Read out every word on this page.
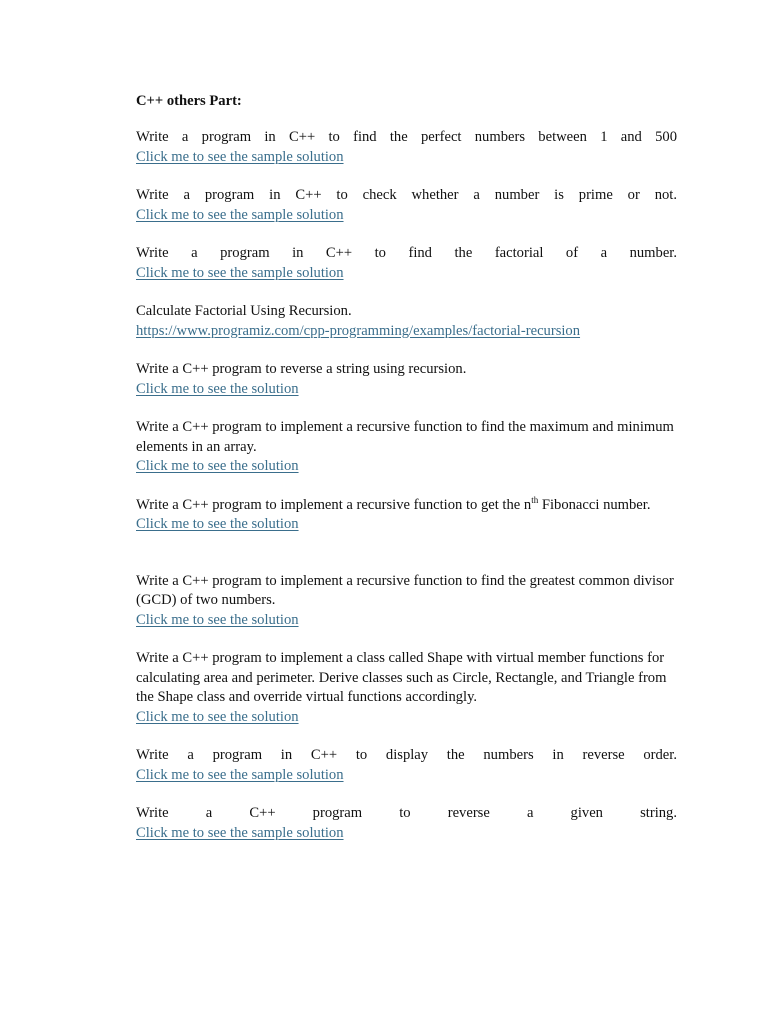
C++ others Part:
Write a program in C++ to find the perfect numbers between 1 and 500
Click me to see the sample solution
Write a program in C++ to check whether a number is prime or not.
Click me to see the sample solution
Write a program in C++ to find the factorial of a number.
Click me to see the sample solution
Calculate Factorial Using Recursion.
https://www.programiz.com/cpp-programming/examples/factorial-recursion
Write a C++ program to reverse a string using recursion.
Click me to see the solution
Write a C++ program to implement a recursive function to find the maximum and minimum elements in an array.
Click me to see the solution
Write a C++ program to implement a recursive function to get the $n^{th}$ Fibonacci number.
Click me to see the solution
Write a C++ program to implement a recursive function to find the greatest common divisor (GCD) of two numbers.
Click me to see the solution
Write a C++ program to implement a class called Shape with virtual member functions for calculating area and perimeter. Derive classes such as Circle, Rectangle, and Triangle from the Shape class and override virtual functions accordingly.
Click me to see the solution
Write a program in C++ to display the numbers in reverse order.
Click me to see the sample solution
Write a C++ program to reverse a given string.
Click me to see the sample solution
